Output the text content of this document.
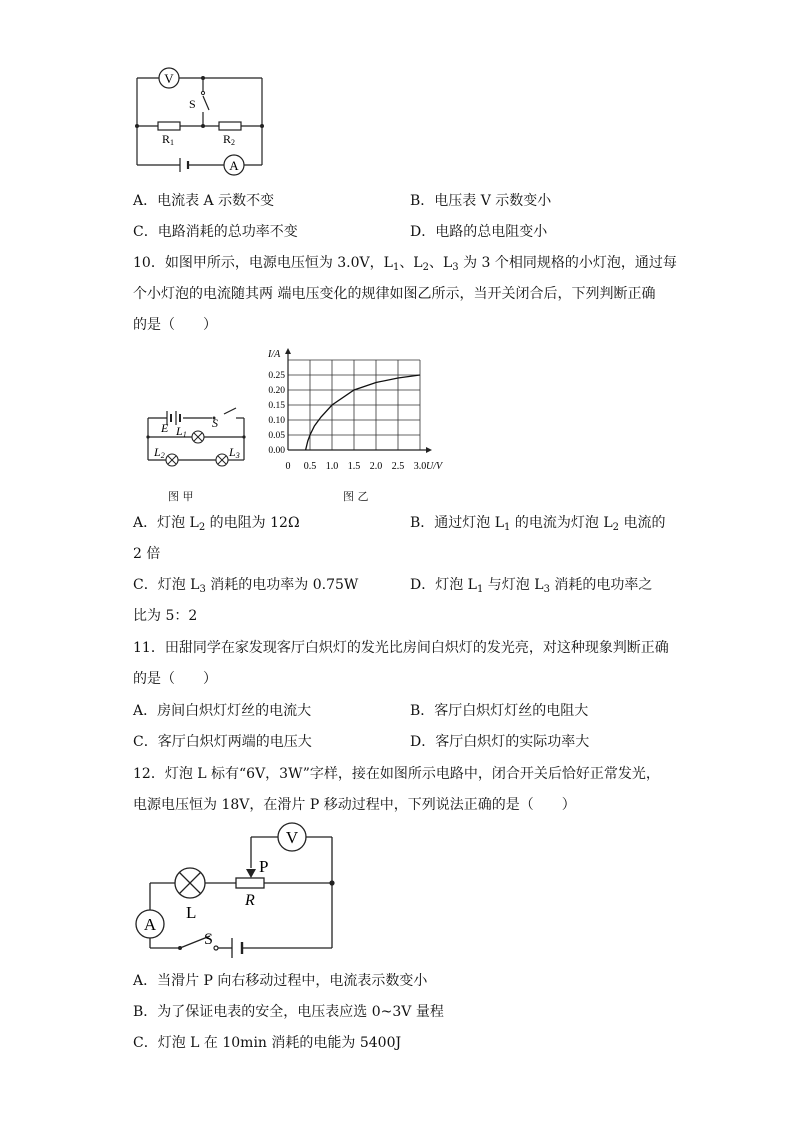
V
A
S
R1	R2
A．电流表 A 示数不变	B．电压表 V 示数变小
C．电路消耗的总功率不变	D．电路的总电阻变小
10．如图甲所示，电源电压恒为 3.0V，$L_1$、$L_2$、$L_3$ 为 3 个相同规格的小灯泡，通过每
个小灯泡的电流随其两 端电压变化的规律如图乙所示，当开关闭合后，下列判断正确
的是（　　）
E	S
L1
L2	L3
图 甲
0 0.5 1.0 1.5 2.0 2.5 3.0
0.00
0.05
0.10
0.15
0.20
0.25
I/A
U/V
图 乙
A．灯泡 $L_2$ 的电阻为 12Ω	B．通过灯泡 $L_1$ 的电流为灯泡 $L_2$ 电流的
2 倍
C．灯泡 $L_3$ 消耗的电功率为 0.75W	D．灯泡 $L_1$ 与灯泡 $L_3$ 消耗的电功率之
比为 5：2
11．田甜同学在家发现客厅白炽灯的发光比房间白炽灯的发光亮，对这种现象判断正确
的是（　　）
A．房间白炽灯灯丝的电流大	B．客厅白炽灯灯丝的电阻大
C．客厅白炽灯两端的电压大	D．客厅白炽灯的实际功率大
12．灯泡 L 标有“6V，3W”字样，接在如图所示电路中，闭合开关后恰好正常发光，
电源电压恒为 18V，在滑片 P 移动过程中，下列说法正确的是（　　）
V
A
P
R
L
S
A．当滑片 P 向右移动过程中，电流表示数变小
B．为了保证电表的安全，电压表应选 0~3V 量程
C．灯泡 L 在 10min 消耗的电能为 5400J
